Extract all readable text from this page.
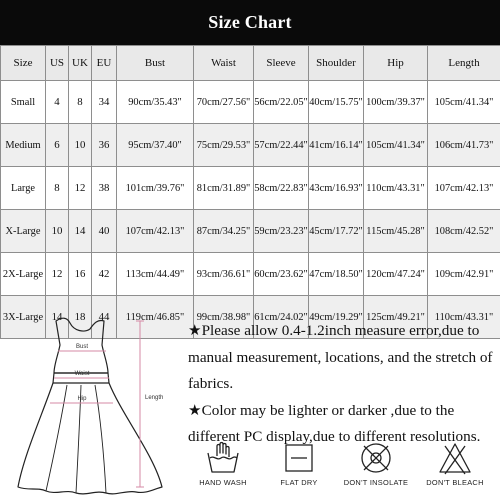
Size Chart
Size	US	UK	EU	Bust	Waist	Sleeve	Shoulder	Hip	Length
Small	4	8	34	90cm/35.43"	70cm/27.56"	56cm/22.05"	40cm/15.75"	100cm/39.37"	105cm/41.34"
Medium	6	10	36	95cm/37.40"	75cm/29.53"	57cm/22.44"	41cm/16.14"	105cm/41.34"	106cm/41.73"
Large	8	12	38	101cm/39.76"	81cm/31.89"	58cm/22.83"	43cm/16.93"	110cm/43.31"	107cm/42.13"
X-Large	10	14	40	107cm/42.13"	87cm/34.25"	59cm/23.23"	45cm/17.72"	115cm/45.28"	108cm/42.52"
2X-Large	12	16	42	113cm/44.49"	93cm/36.61"	60cm/23.62"	47cm/18.50"	120cm/47.24"	109cm/42.91"
3X-Large	14	18	44	119cm/46.85"	99cm/38.98"	61cm/24.02"	49cm/19.29"	125cm/49.21"	110cm/43.31"
Bust
Waist
Hip	Length

★Please allow 0.4-1.2inch measure error,due to manual measurement, locations, and the stretch of fabrics.

★Color may be lighter or darker ,due to the different PC display,due to different resolutions.

HAND WASH	FLAT DRY	DON'T INSOLATE	DON'T BLEACH
